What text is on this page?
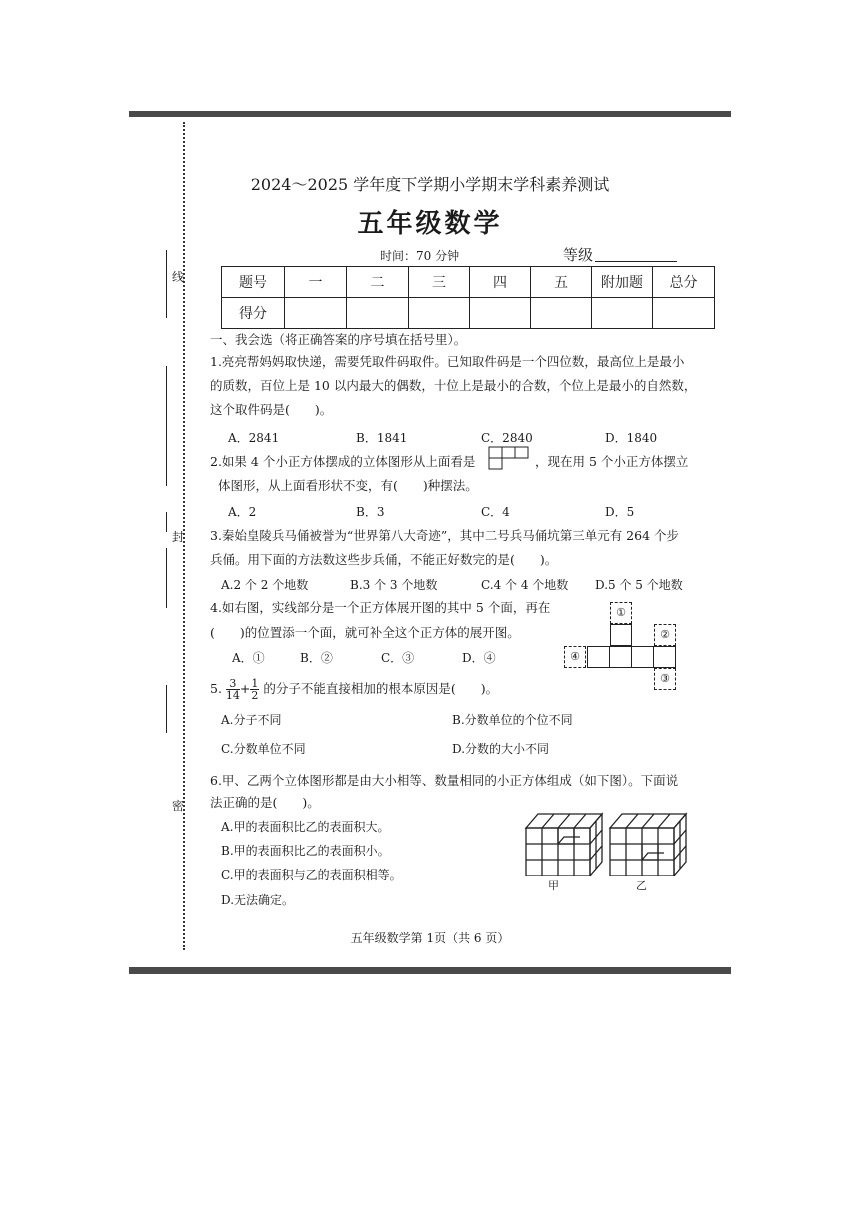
线
封
密
2024～2025 学年度下学期小学期末学科素养测试
五年级数学
时间：70 分钟	等级
题号	一	二	三	四	五	附加题	总分
得分							
一、我会选（将正确答案的序号填在括号里）。
1.亮亮帮妈妈取快递，需要凭取件码取件。已知取件码是一个四位数，最高位上是最小
的质数，百位上是 10 以内最大的偶数，十位上是最小的合数，个位上是最小的自然数，
这个取件码是(　　)。
A．2841	B．1841	C．2840	D．1840
2.如果 4 个小正方体摆成的立体图形从上面看是	，现在用 5 个小正方体摆立
体图形，从上面看形状不变，有(　　)种摆法。
A．2	B．3	C．4	D．5
3.秦始皇陵兵马俑被誉为“世界第八大奇迹”，其中二号兵马俑坑第三单元有 264 个步
兵俑。用下面的方法数这些步兵俑，不能正好数完的是(　　)。
A.2 个 2 个地数	B.3 个 3 个地数	C.4 个 4 个地数 D.5 个 5 个地数
4.如右图，实线部分是一个正方体展开图的其中 5 个面，再在
(　　)的位置添一个面，就可补全这个正方体的展开图。
A．①	B．②	C．③	D．④
①
②
④
③
5. $\frac{3}{14}+ \frac{1}{2}$ 的分子不能直接相加的根本原因是(　　)。
A.分子不同	B.分数单位的个位不同
C.分数单位不同	D.分数的大小不同
6.甲、乙两个立体图形都是由大小相等、数量相同的小正方体组成（如下图）。下面说
法正确的是(　　)。
A.甲的表面积比乙的表面积大。
B.甲的表面积比乙的表面积小。
C.甲的表面积与乙的表面积相等。
D.无法确定。
甲	乙
五年级数学第 1页（共 6 页）
